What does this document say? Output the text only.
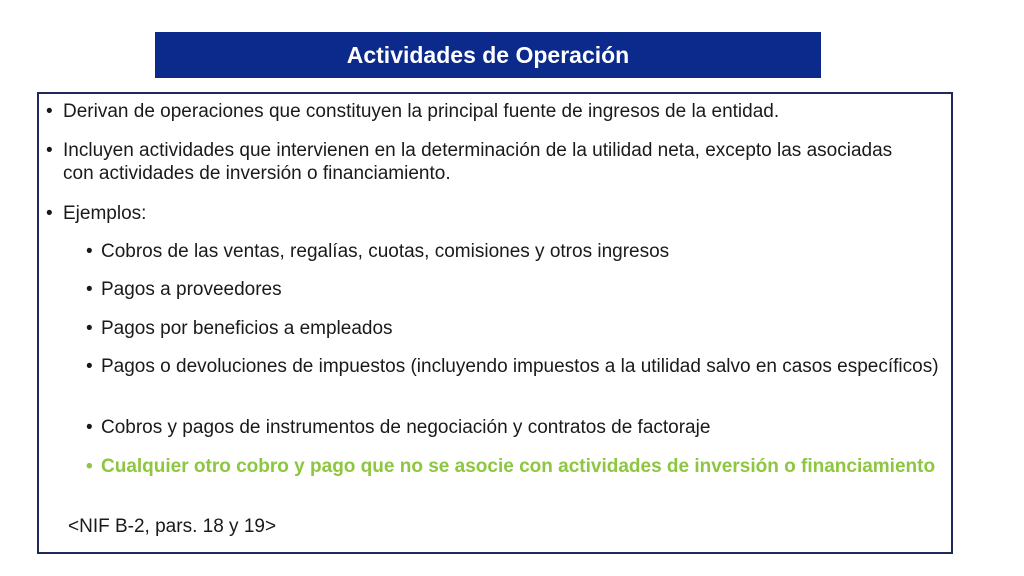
Actividades de Operación
• Derivan de operaciones que constituyen la principal fuente de ingresos de la entidad.
• Incluyen actividades que intervienen en la determinación de la utilidad neta, excepto las asociadas con actividades de inversión o financiamiento.
• Ejemplos:
• Cobros de las ventas, regalías, cuotas, comisiones y otros ingresos
• Pagos a proveedores
• Pagos por beneficios a empleados
• Pagos o devoluciones de impuestos (incluyendo impuestos a la utilidad salvo en casos específicos)
• Cobros y pagos de instrumentos de negociación y contratos de factoraje
• Cualquier otro cobro y pago que no se asocie con actividades de inversión o financiamiento
<NIF B-2, pars. 18 y 19>
